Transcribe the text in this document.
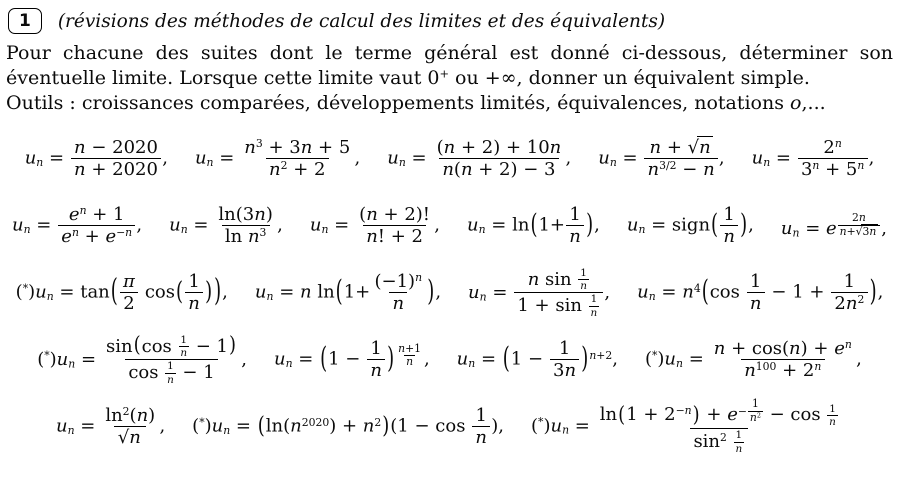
1	(révisions des méthodes de calcul des limites et des équivalents)

Pour chacune des suites dont le terme général est donné ci-dessous, déterminer son éventuelle limite. Lorsque cette limite vaut 0+ ou +∞, donner un équivalent simple.

Outils : croissances comparées, développements limités, équivalences, notations o,...

$u_n = \frac{n - 2020}{n + 2020}$ , $u_n = \frac{n^3 + 3n + 5}{n^2 + 2}$ , $u_n = \frac{(n + 2) + 10n}{n(n + 2) - 3}$ , $u_n = \frac{n + √n}{n^{3/2} - n}$ , $u_n = \frac{2^n}{3^n + 5^n}$ ,
$u_n = \frac{e^n + 1}{e^n + e^{-n}}$ , $u_n = \frac{\ln(3n)}{\ln n^3}$ , $u_n = \frac{(n + 2)!}{n! + 2}$ , $u_n = \ln(1+ \frac{1}{n}$ ), $u_n$ = sign( $\frac{1}{n}$ ), $u_n = e$ $^{\frac{2n}{n+√3n}}$ ,
$(^*)u_n = \tan( \frac{\pi}{2} \cos( \frac{1}{n}$ ) ), $u_n = n$ $\ln(1+ \frac{(-1)^n}{n}$ ), $u_n = \frac{n \sin \frac{1}{n}}{1 + \sin \frac{1}{n}}$ , $u_n = n^4(\cos \frac{1}{n} - 1 + \frac{1}{2n^2}$ ),
$(^*)u_n = \frac{\sin(\cos \frac{1}{n} - 1)}{\cos \frac{1}{n} - 1}$ , $u_n = (1 - \frac{1}{n}$ ) $^{\frac{n+1}{n}}$ , $u_n = (1 - \frac{1}{3n} )^{n+2}$, $(^*)u_n = \frac{n + \cos(n) + e^n}{n^{100} + 2^n}$ ,
$u_n = \frac{\ln^2(n)}{√n}$ , $(^*)u_n = (\ln(n^{2020}) + n^2)(1 - \cos \frac{1}{n}$ ), $(^*)u_n = \ln(1 + 2^{-n}) + e^{- \frac{1}{n^2}} - \cos \frac{1}{n}$
$\sin^2 \frac{1}{n}$
